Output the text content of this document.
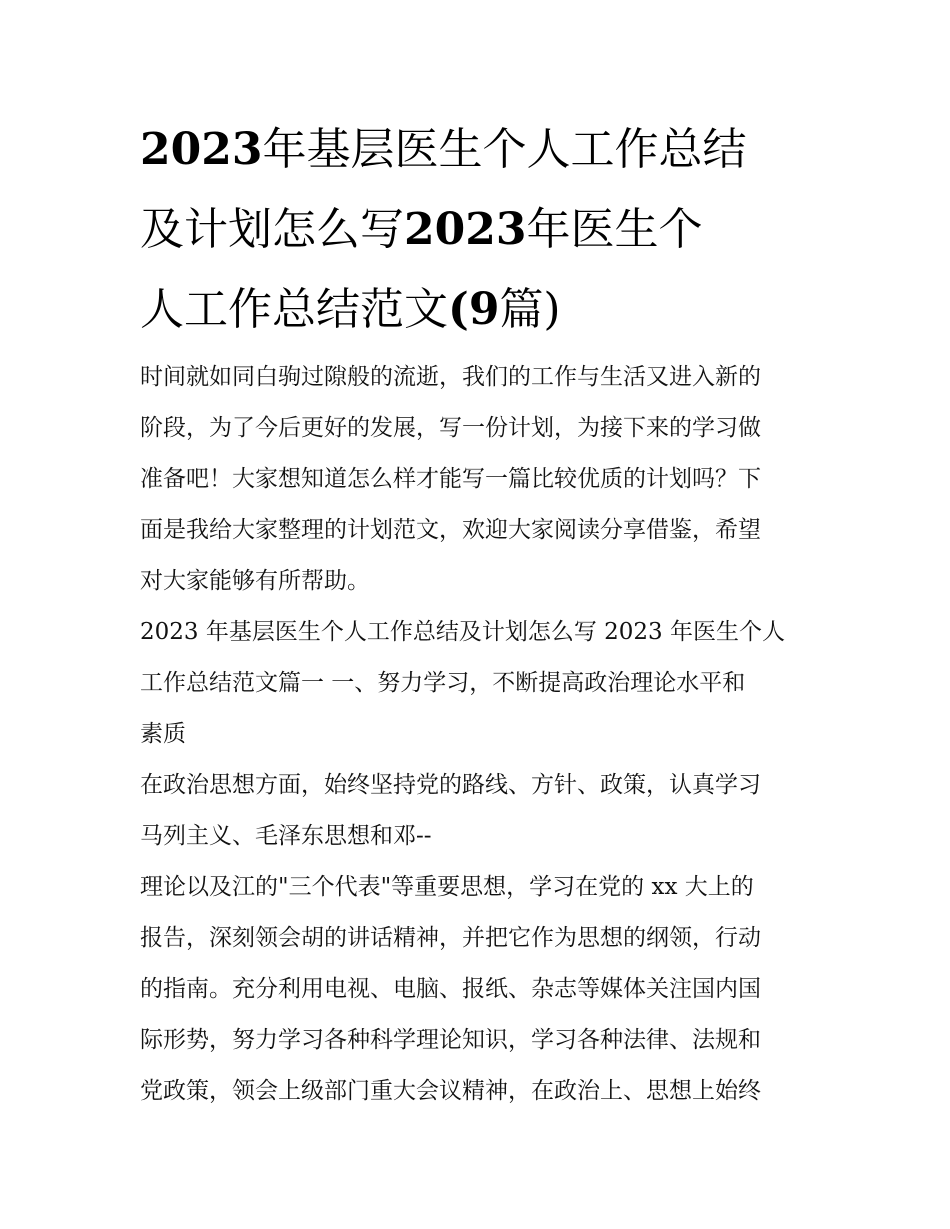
2023年基层医生个人工作总结
及计划怎么写2023年医生个
人工作总结范文(9篇)

时间就如同白驹过隙般的流逝，我们的工作与生活又进入新的
阶段，为了今后更好的发展，写一份计划，为接下来的学习做
准备吧！大家想知道怎么样才能写一篇比较优质的计划吗？下
面是我给大家整理的计划范文，欢迎大家阅读分享借鉴，希望
对大家能够有所帮助。

2023 年基层医生个人工作总结及计划怎么写 2023 年医生个人
工作总结范文篇一 一、努力学习，不断提高政治理论水平和
素质

在政治思想方面，始终坚持党的路线、方针、政策，认真学习
马列主义、毛泽东思想和邓--

理论以及江的"三个代表"等重要思想，学习在党的 xx 大上的
报告，深刻领会胡的讲话精神，并把它作为思想的纲领，行动
的指南。充分利用电视、电脑、报纸、杂志等媒体关注国内国
际形势，努力学习各种科学理论知识，学习各种法律、法规和
党政策，领会上级部门重大会议精神，在政治上、思想上始终
